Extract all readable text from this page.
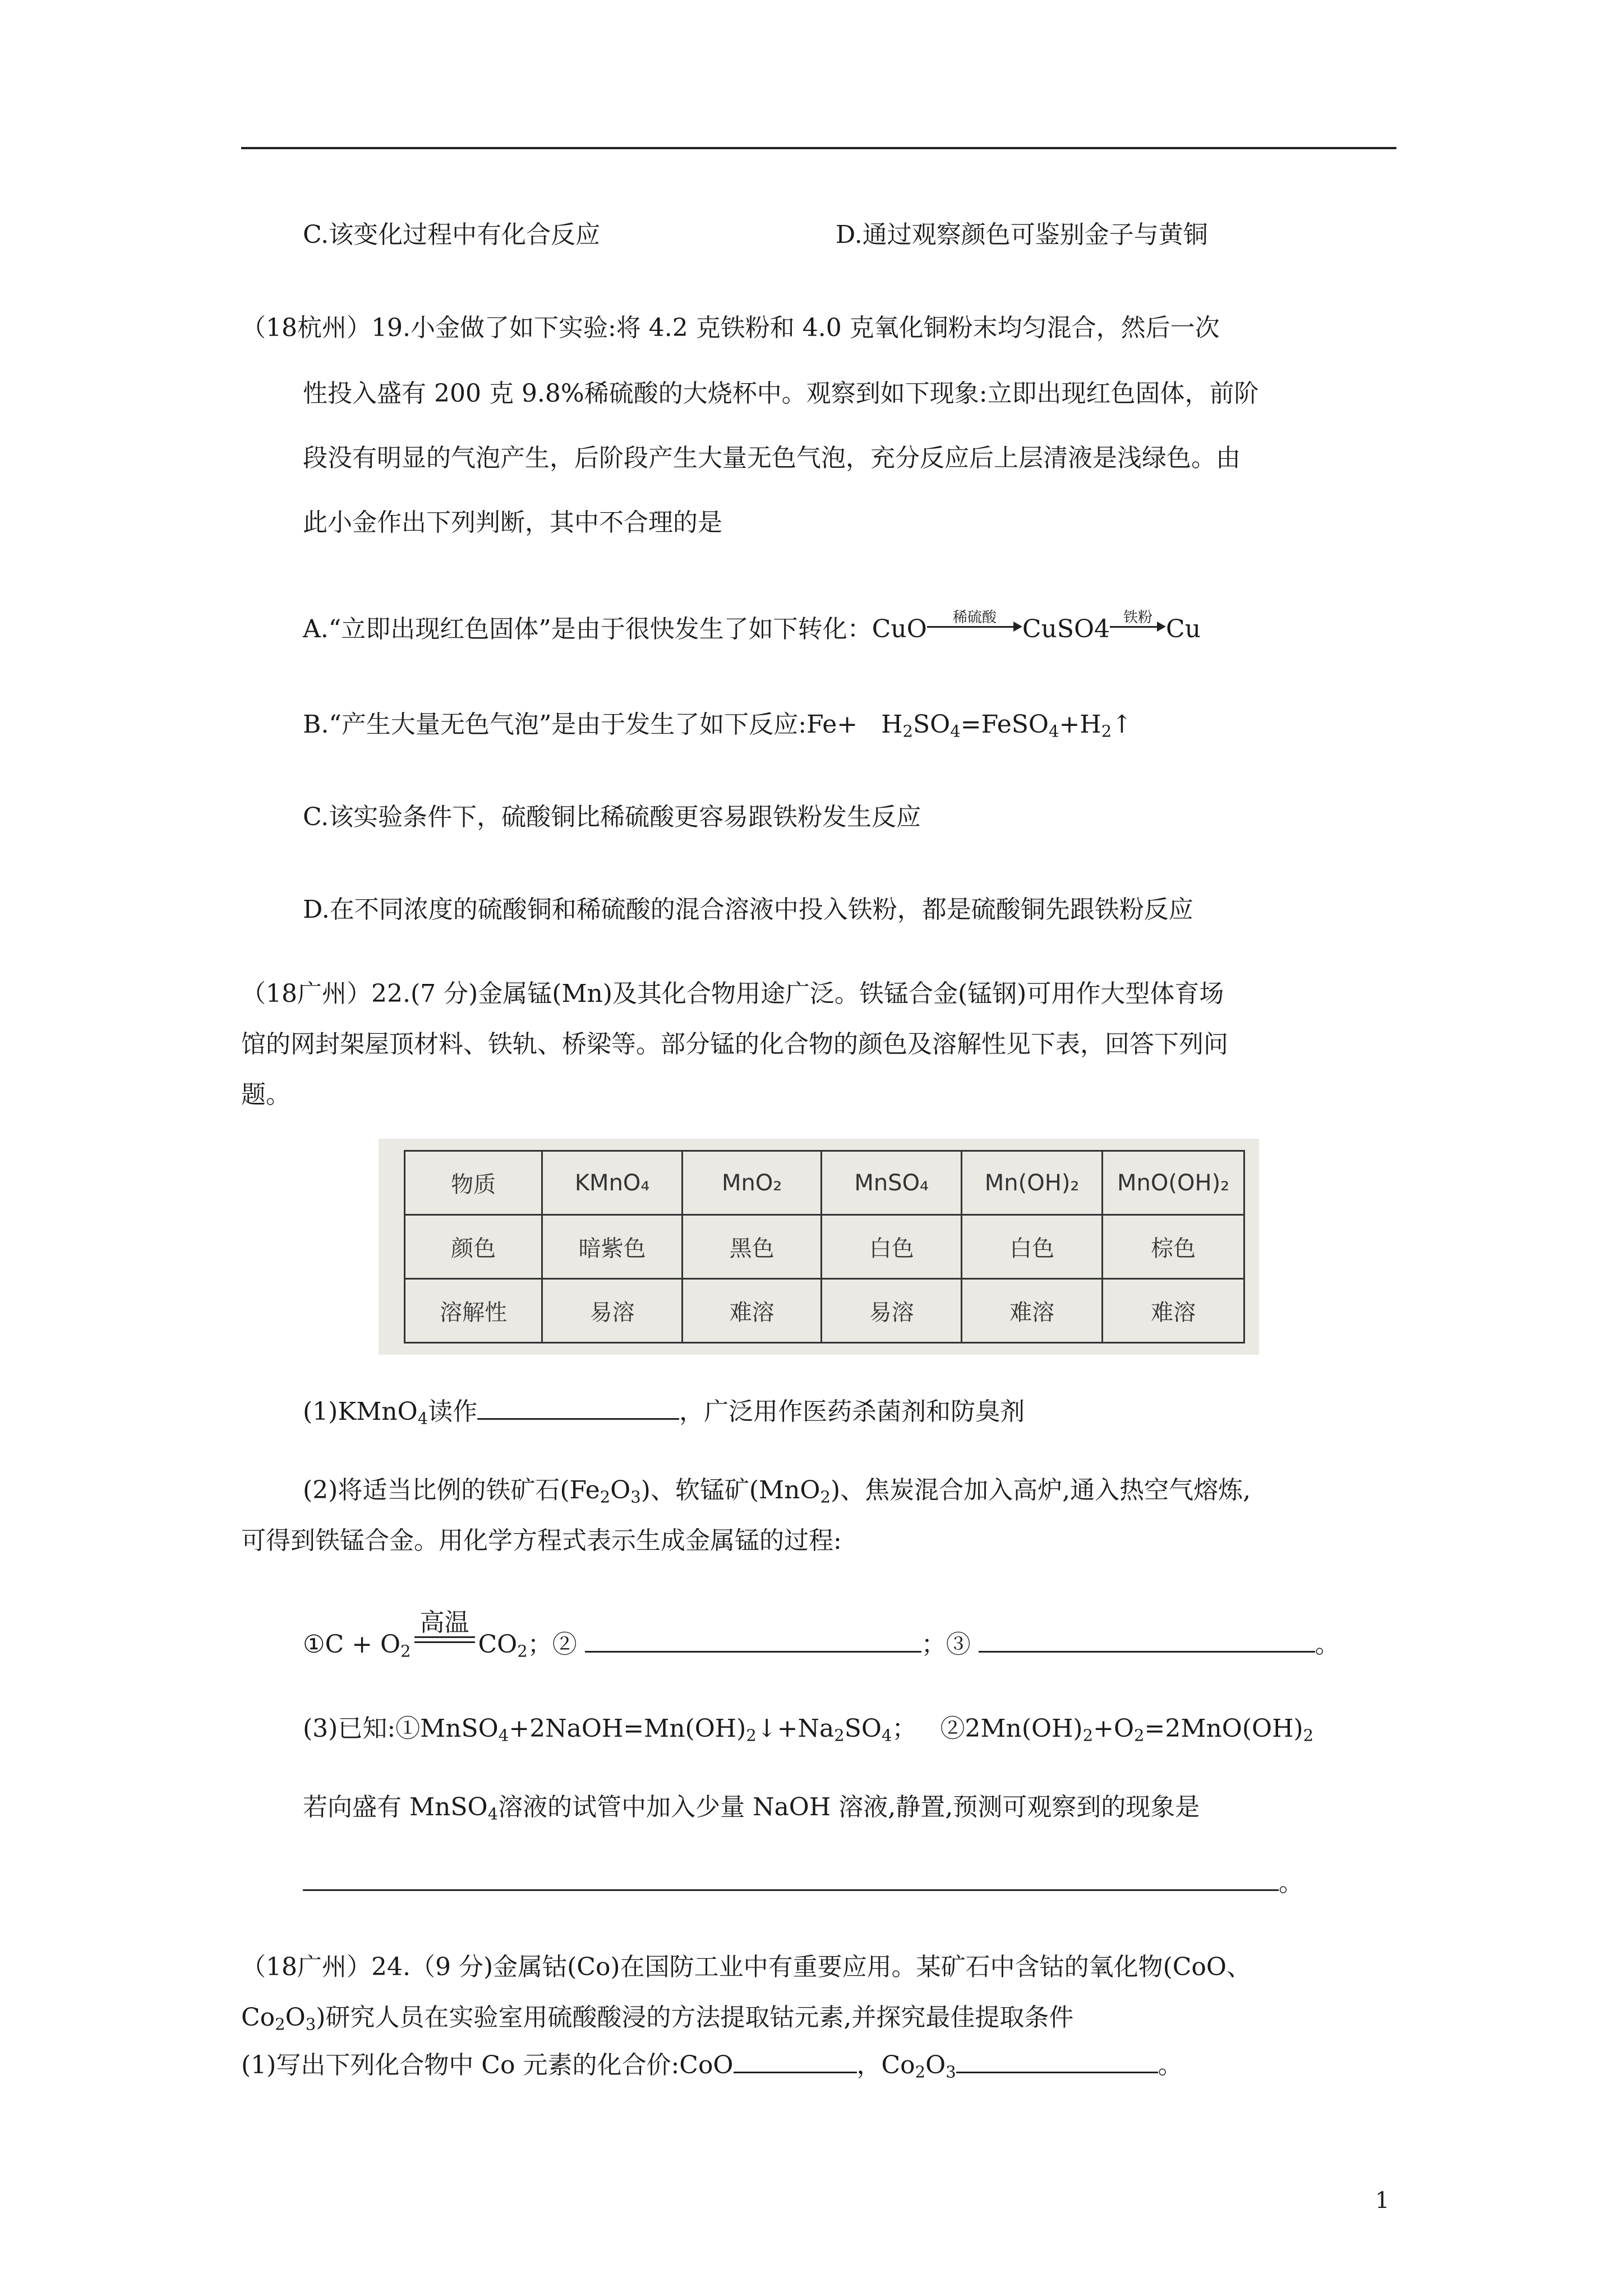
C.该变化过程中有化合反应	D.通过观察颜色可鉴别金子与黄铜
（18杭州）19.小金做了如下实验:将 4.2 克铁粉和 4.0 克氧化铜粉末均匀混合，然后一次
性投入盛有 200 克 9.8%稀硫酸的大烧杯中。观察到如下现象:立即出现红色固体，前阶
段没有明显的气泡产生，后阶段产生大量无色气泡，充分反应后上层清液是浅绿色。由
此小金作出下列判断，其中不合理的是
A.“立即出现红色固体”是由于很快发生了如下转化：CuO	稀硫酸	CuSO4 铁粉 Cu
B.“产生大量无色气泡”是由于发生了如下反应:Fe+ $H_2SO_4=FeSO_4+H_2↑$
C.该实验条件下，硫酸铜比稀硫酸更容易跟铁粉发生反应
D.在不同浓度的硫酸铜和稀硫酸的混合溶液中投入铁粉，都是硫酸铜先跟铁粉反应
（18广州）22.(7 分)金属锰(Mn)及其化合物用途广泛。铁锰合金(锰钢)可用作大型体育场
馆的网封架屋顶材料、铁轨、桥梁等。部分锰的化合物的颜色及溶解性见下表，回答下列问
题。
物质	KMnO₄	MnO₂	MnSO₄	Mn(OH)₂	MnO(OH)₂
颜色	暗紫色	黑色	白色	白色	棕色
溶解性	易溶	难溶	易溶	难溶	难溶
(1)KMnO$_4$读作	，广泛用作医药杀菌剂和防臭剂
(2)将适当比例的铁矿石$(Fe_2O_3)$、软锰矿(MnO$_2$)、焦炭混合加入高炉,通入热空气熔炼,
可得到铁锰合金。用化学方程式表示生成金属锰的过程:
①C + $O_2$
高温
$CO_2$；②	；③	。
(3)已知$:①MnSO_4+2NaOH=Mn(OH)_2↓+Na_2SO_4$； $②2Mn(OH)_2+O_2=2MnO(OH)_2$
若向盛有 MnSO$_4$溶液的试管中加入少量 NaOH 溶液,静置,预测可观察到的现象是
。
（18广州）24.（9 分)金属钴(Co)在国防工业中有重要应用。某矿石中含钴的氧化物(CoO、
$Co_2O_3$)研究人员在实验室用硫酸酸浸的方法提取钴元素,并探究最佳提取条件
(1)写出下列化合物中 Co 元素的化合价:CoO	，$Co_2O_3$	。
1
